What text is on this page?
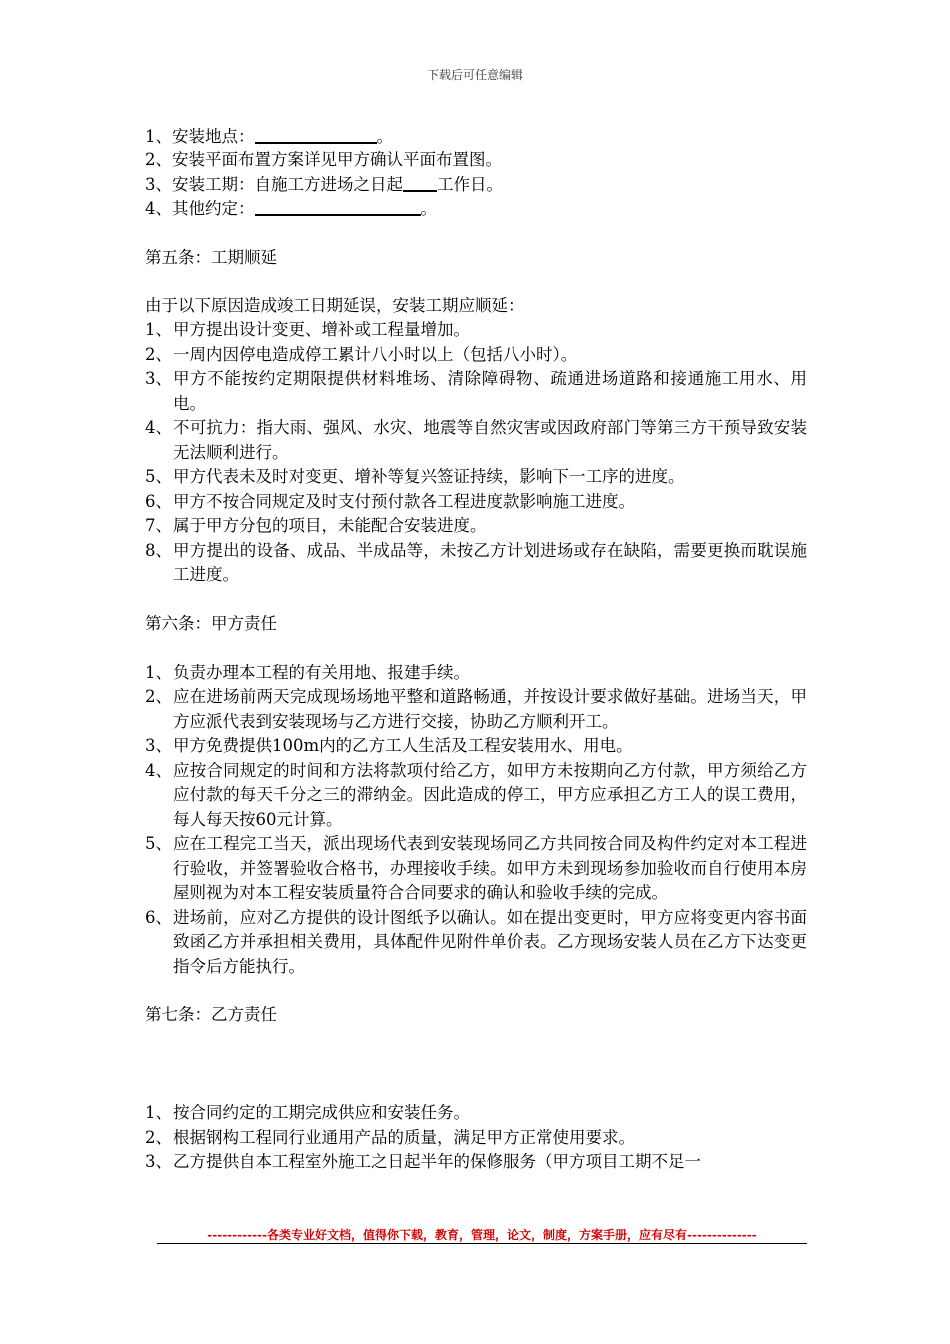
下载后可任意编辑
1、安装地点：	。
2、安装平面布置方案详见甲方确认平面布置图。
3、安装工期：自施工方进场之日起 工作日。
4、其他约定：	。
第五条：工期顺延
由于以下原因造成竣工日期延误，安装工期应顺延：
1、 甲方提出设计变更、增补或工程量增加。
2、 一周内因停电造成停工累计八小时以上（包括八小时）。
3、 甲方不能按约定期限提供材料堆场、清除障碍物、疏通进场道路和接通施工用水、用电。
4、 不可抗力：指大雨、强风、水灾、地震等自然灾害或因政府部门等第三方干预导致安装无法顺利进行。
5、 甲方代表未及时对变更、增补等复兴签证持续，影响下一工序的进度。
6、 甲方不按合同规定及时支付预付款各工程进度款影响施工进度。
7、 属于甲方分包的项目，未能配合安装进度。
8、 甲方提出的设备、成品、半成品等，未按乙方计划进场或存在缺陷，需要更换而耽误施工进度。
第六条：甲方责任
1、 负责办理本工程的有关用地、报建手续。
2、 应在进场前两天完成现场场地平整和道路畅通，并按设计要求做好基础。进场当天，甲方应派代表到安装现场与乙方进行交接，协助乙方顺利开工。
3、 甲方免费提供100m内的乙方工人生活及工程安装用水、用电。
4、 应按合同规定的时间和方法将款项付给乙方，如甲方未按期向乙方付款，甲方须给乙方应付款的每天千分之三的滞纳金。因此造成的停工，甲方应承担乙方工人的误工费用，每人每天按60元计算。
5、 应在工程完工当天，派出现场代表到安装现场同乙方共同按合同及构件约定对本工程进行验收，并签署验收合格书，办理接收手续。如甲方未到现场参加验收而自行使用本房屋则视为对本工程安装质量符合合同要求的确认和验收手续的完成。
6、 进场前，应对乙方提供的设计图纸予以确认。如在提出变更时，甲方应将变更内容书面致函乙方并承担相关费用，具体配件见附件单价表。乙方现场安装人员在乙方下达变更指令后方能执行。
第七条：乙方责任
1、 按合同约定的工期完成供应和安装任务。
2、 根据钢构工程同行业通用产品的质量，满足甲方正常使用要求。
3、 乙方提供自本工程室外施工之日起半年的保修服务（甲方项目工期不足一
------------各类专业好文档，值得你下载，教育，管理，论文，制度，方案手册，应有尽有--------------
